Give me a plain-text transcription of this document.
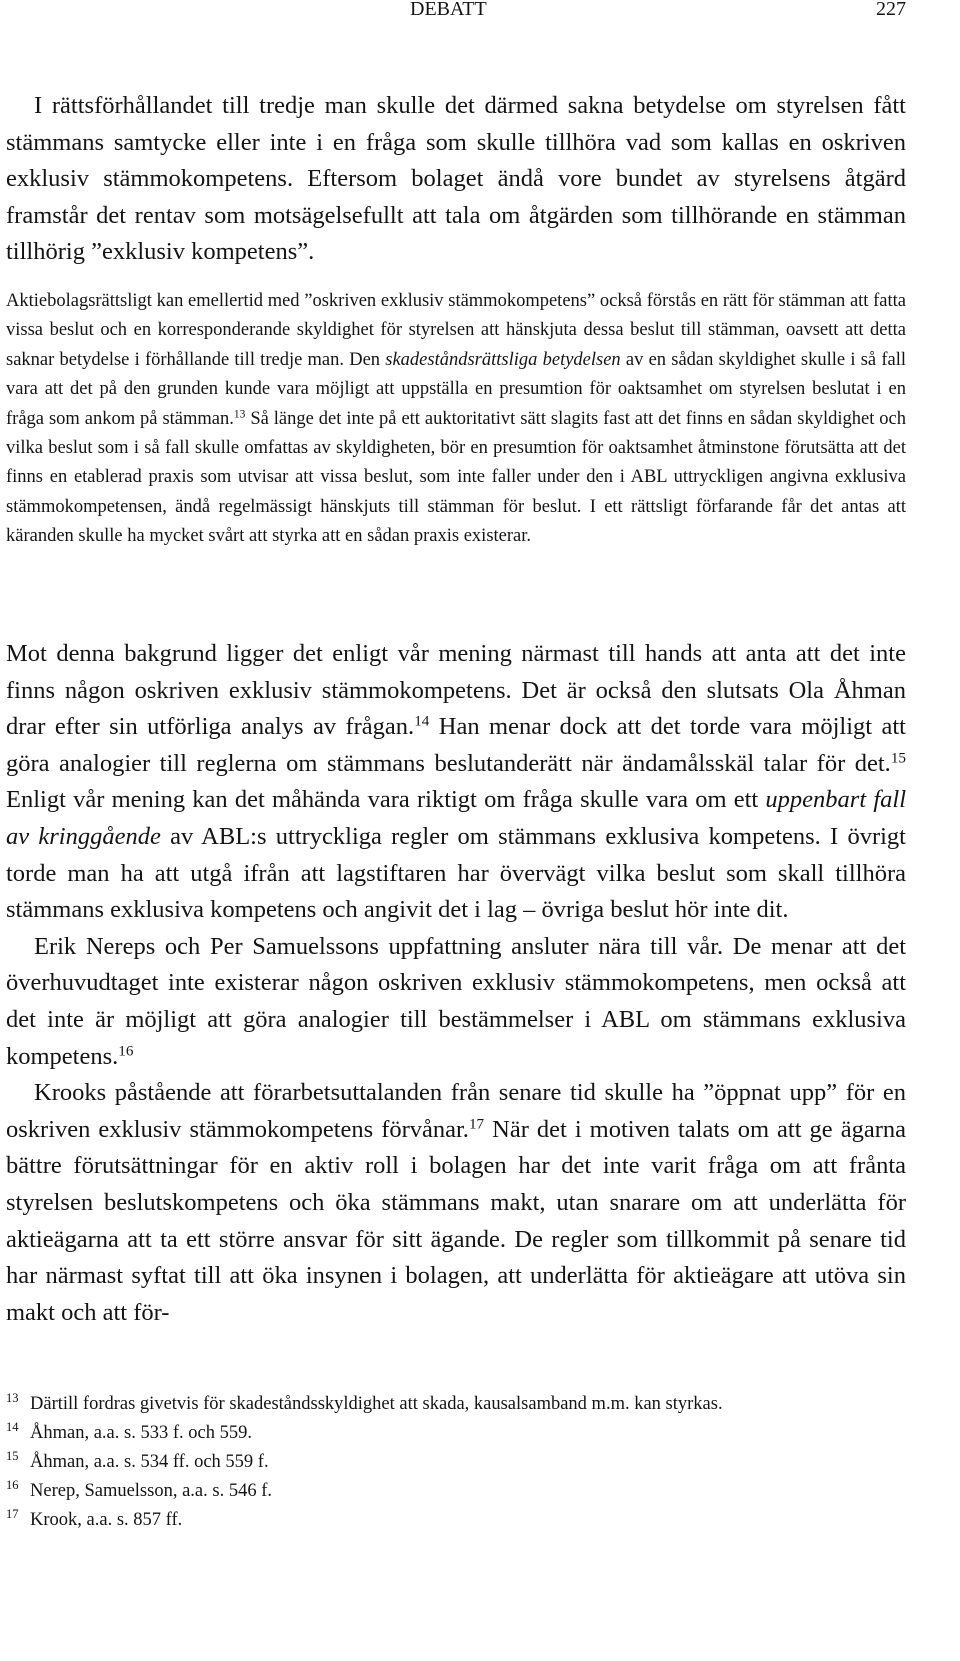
DEBATT	227

I rättsförhållandet till tredje man skulle det därmed sakna betydelse om styrelsen fått stämmans samtycke eller inte i en fråga som skulle tillhöra vad som kallas en oskriven exklusiv stämmokompetens. Eftersom bolaget ändå vore bundet av styrelsens åtgärd framstår det rentav som motsägelsefullt att tala om åtgärden som tillhörande en stämman tillhörig ”exklusiv kompetens”.

Aktiebolagsrättsligt kan emellertid med ”oskriven exklusiv stämmokompetens” också förstås en rätt för stämman att fatta vissa beslut och en korresponderande skyldighet för styrelsen att hänskjuta dessa beslut till stämman, oavsett att detta saknar betydelse i förhållande till tredje man. Den skadeståndsrättsliga betydelsen av en sådan skyldighet skulle i så fall vara att det på den grunden kunde vara möjligt att uppställa en presumtion för oaktsamhet om styrelsen beslutat i en fråga som ankom på stämman.$^{13}$ Så länge det inte på ett auktoritativt sätt slagits fast att det finns en sådan skyldighet och vilka beslut som i så fall skulle omfattas av skyldigheten, bör en presumtion för oaktsamhet åtminstone förutsätta att det finns en etablerad praxis som utvisar att vissa beslut, som inte faller under den i ABL uttryckligen angivna exklusiva stämmokompetensen, ändå regelmässigt hänskjuts till stämman för beslut. I ett rättsligt förfarande får det antas att käranden skulle ha mycket svårt att styrka att en sådan praxis existerar.

Mot denna bakgrund ligger det enligt vår mening närmast till hands att anta att det inte finns någon oskriven exklusiv stämmokompetens. Det är också den slutsats Ola Åhman drar efter sin utförliga analys av frågan.$^{14}$ Han menar dock att det torde vara möjligt att göra analogier till reglerna om stämmans beslutanderätt när ändamålsskäl talar för det.$^{15}$ Enligt vår mening kan det måhända vara riktigt om fråga skulle vara om ett uppenbart fall av kringgående av ABL:s uttryckliga regler om stämmans exklusiva kompetens. I övrigt torde man ha att utgå ifrån att lagstiftaren har övervägt vilka beslut som skall tillhöra stämmans exklusiva kompetens och angivit det i lag – övriga beslut hör inte dit.

Erik Nereps och Per Samuelssons uppfattning ansluter nära till vår. De menar att det överhuvudtaget inte existerar någon oskriven exklusiv stämmokompetens, men också att det inte är möjligt att göra analogier till bestämmelser i ABL om stämmans exklusiva kompetens.$^{16}$

Krooks påstående att förarbetsuttalanden från senare tid skulle ha ”öppnat upp” för en oskriven exklusiv stämmokompetens förvånar.$^{17}$ När det i motiven talats om att ge ägarna bättre förutsättningar för en aktiv roll i bolagen har det inte varit fråga om att frånta styrelsen beslutskompetens och öka stämmans makt, utan snarare om att underlätta för aktieägarna att ta ett större ansvar för sitt ägande. De regler som tillkommit på senare tid har närmast syftat till att öka insynen i bolagen, att underlätta för aktieägare att utöva sin makt och att för-

13 Därtill fordras givetvis för skadeståndsskyldighet att skada, kausalsamband m.m. kan styrkas.
14 Åhman, a.a. s. 533 f. och 559.
15 Åhman, a.a. s. 534 ff. och 559 f.
16 Nerep, Samuelsson, a.a. s. 546 f.
17 Krook, a.a. s. 857 ff.
